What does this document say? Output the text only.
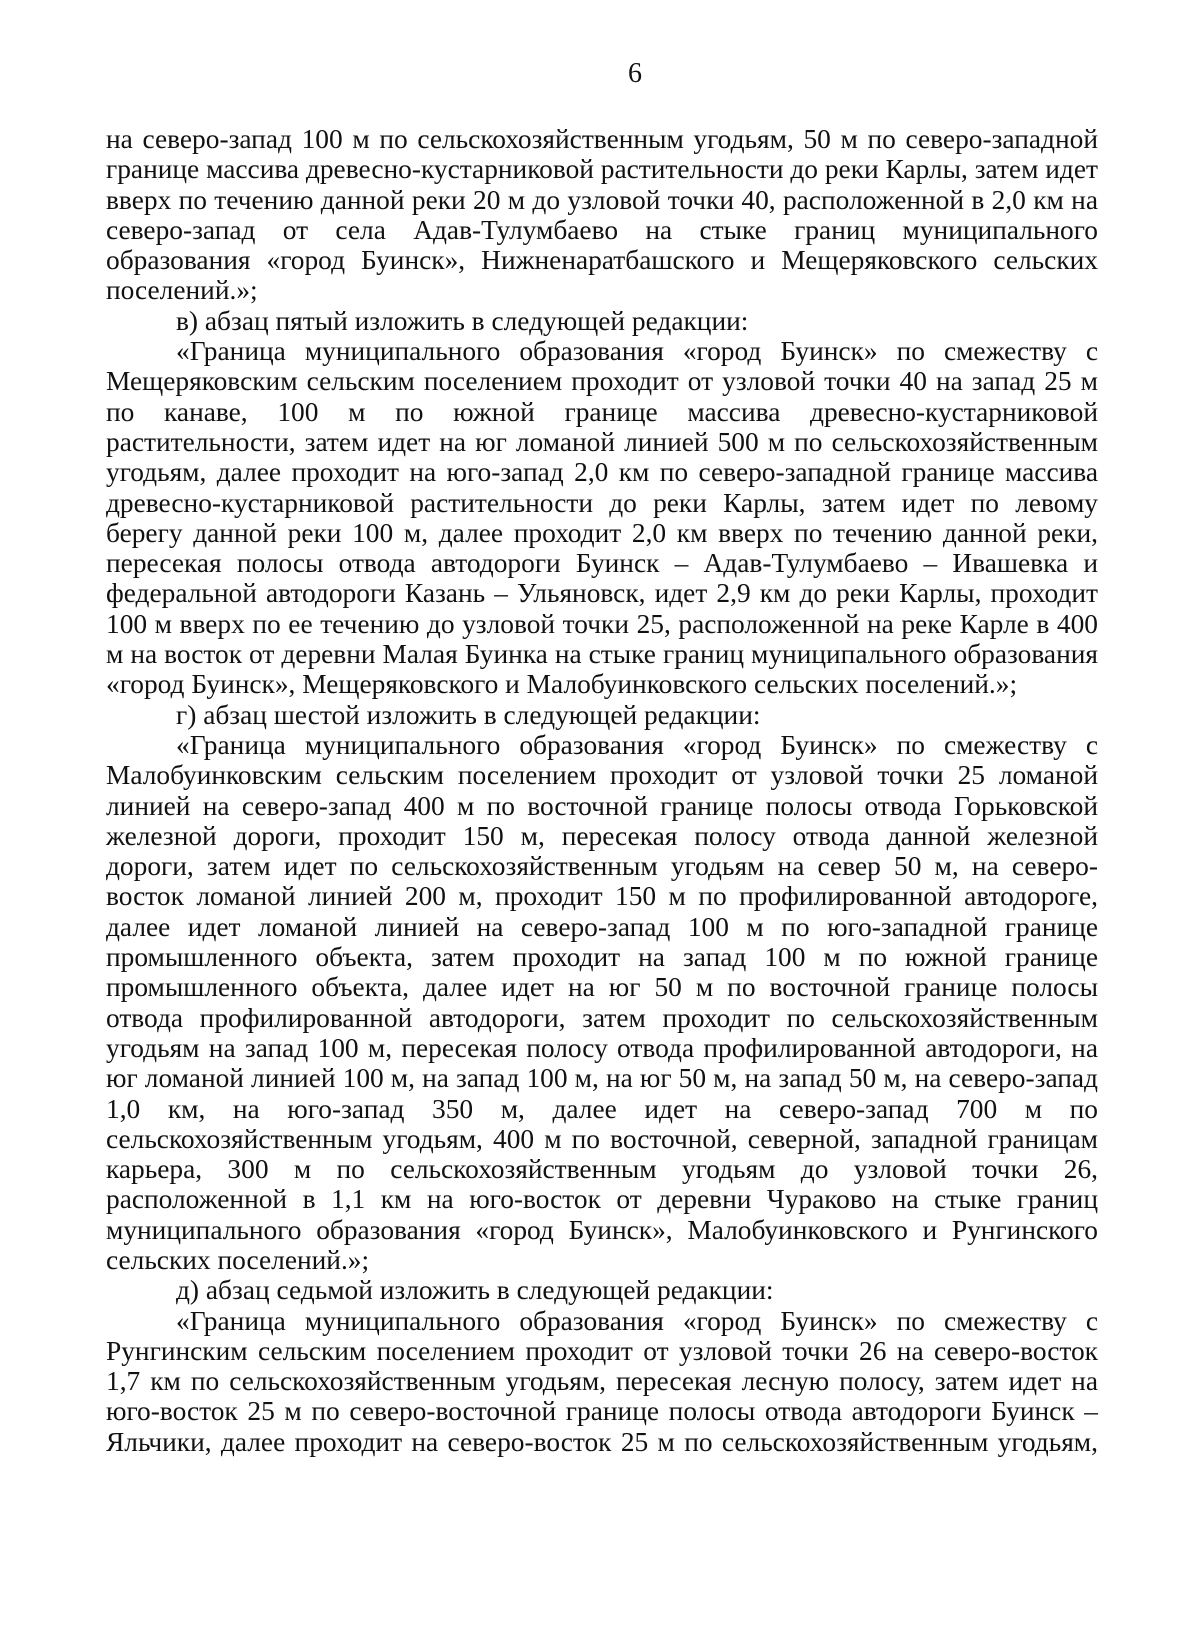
6

на северо-запад 100 м по сельскохозяйственным угодьям, 50 м по северо-западной границе массива древесно-кустарниковой растительности до реки Карлы, затем идет вверх по течению данной реки 20 м до узловой точки 40, расположенной в 2,0 км на северо-запад от села Адав-Тулумбаево на стыке границ муниципального образования «город Буинск», Нижненаратбашского и Мещеряковского сельских поселений.»;

в) абзац пятый изложить в следующей редакции:

«Граница муниципального образования «город Буинск» по смежеству с Мещеряковским сельским поселением проходит от узловой точки 40 на запад 25 м по канаве, 100 м по южной границе массива древесно-кустарниковой растительности, затем идет на юг ломаной линией 500 м по сельскохозяйственным угодьям, далее проходит на юго-запад 2,0 км по северо-западной границе массива древесно-кустарниковой растительности до реки Карлы, затем идет по левому берегу данной реки 100 м, далее проходит 2,0 км вверх по течению данной реки, пересекая полосы отвода автодороги Буинск – Адав-Тулумбаево – Ивашевка и федеральной автодороги Казань – Ульяновск, идет 2,9 км до реки Карлы, проходит 100 м вверх по ее течению до узловой точки 25, расположенной на реке Карле в 400 м на восток от деревни Малая Буинка на стыке границ муниципального образования «город Буинск», Мещеряковского и Малобуинковского сельских поселений.»;

г) абзац шестой изложить в следующей редакции:

«Граница муниципального образования «город Буинск» по смежеству с Малобуинковским сельским поселением проходит от узловой точки 25 ломаной линией на северо-запад 400 м по восточной границе полосы отвода Горьковской железной дороги, проходит 150 м, пересекая полосу отвода данной железной дороги, затем идет по сельскохозяйственным угодьям на север 50 м, на северо-восток ломаной линией 200 м, проходит 150 м по профилированной автодороге, далее идет ломаной линией на северо-запад 100 м по юго-западной границе промышленного объекта, затем проходит на запад 100 м по южной границе промышленного объекта, далее идет на юг 50 м по восточной границе полосы отвода профилированной автодороги, затем проходит по сельскохозяйственным угодьям на запад 100 м, пересекая полосу отвода профилированной автодороги, на юг ломаной линией 100 м, на запад 100 м, на юг 50 м, на запад 50 м, на северо-запад 1,0 км, на юго-запад 350 м, далее идет на северо-запад 700 м по сельскохозяйственным угодьям, 400 м по восточной, северной, западной границам карьера, 300 м по сельскохозяйственным угодьям до узловой точки 26, расположенной в 1,1 км на юго-восток от деревни Чураково на стыке границ муниципального образования «город Буинск», Малобуинковского и Рунгинского сельских поселений.»;

д) абзац седьмой изложить в следующей редакции:

«Граница муниципального образования «город Буинск» по смежеству с Рунгинским сельским поселением проходит от узловой точки 26 на северо-восток 1,7 км по сельскохозяйственным угодьям, пересекая лесную полосу, затем идет на юго-восток 25 м по северо-восточной границе полосы отвода автодороги Буинск – Яльчики, далее проходит на северо-восток 25 м по сельскохозяйственным угодьям,
